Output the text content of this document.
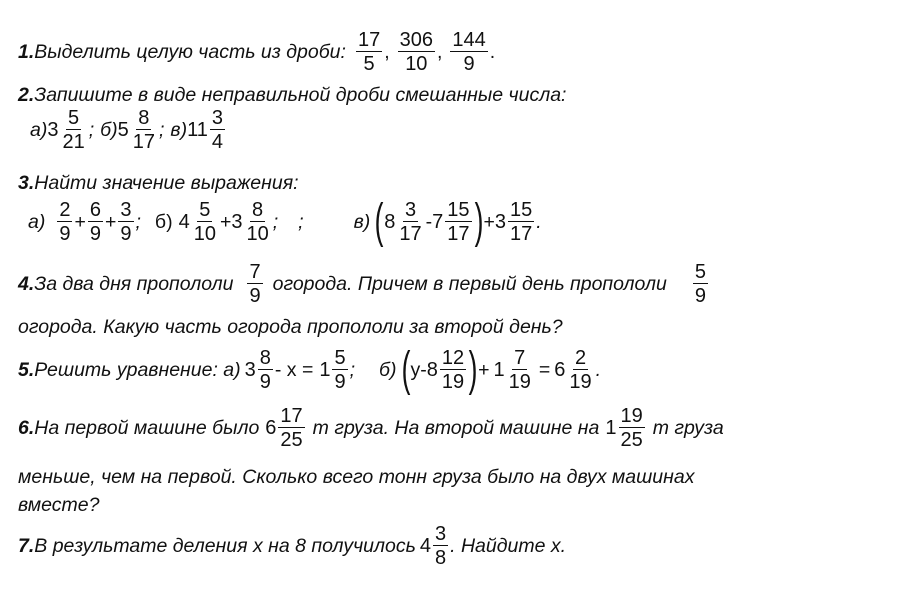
1. Выделить целую часть из дроби: $\frac{17}{5}$ , $\frac{306}{10}$ , $\frac{144}{9}$ .
2. Запишите в виде неправильной дроби смешанные числа:
а) $3 \frac{5}{21}$ ; б) $5 \frac{8}{17}$ ; в) $11 \frac{3}{4}$
3. Найти значение выражения:
$а) \frac{2}{9} + \frac{6}{9} + \frac{3}{9}$ ; б) $4 \frac{5}{10} + 3 \frac{8}{10}$ ; ;	в) ( $8 \frac{3}{17} - 7 \frac{15}{17}$ ) + $3 \frac{15}{17}$ .
4. За два дня пропололи $\frac{7}{9}$ огорода. Причем в первый день пропололи $\frac{5}{9}$
огорода. Какую часть огорода пропололи за второй день?
5. Решить уравнение: а) $3 \frac{8}{9} - х = 1 \frac{5}{9}$ ; б) ( у- $8 \frac{12}{19}$ ) + $1 \frac{7}{19} = 6 \frac{2}{19}$ .
6. На первой машине было $6 \frac{17}{25}$ т груза. На второй машине на $1 \frac{19}{25}$ т груза
меньше, чем на первой. Сколько всего тонн груза было на двух машинах
вместе?
7. В результате деления х на 8 получилось $4 \frac{3}{8}$ . Найдите х.
